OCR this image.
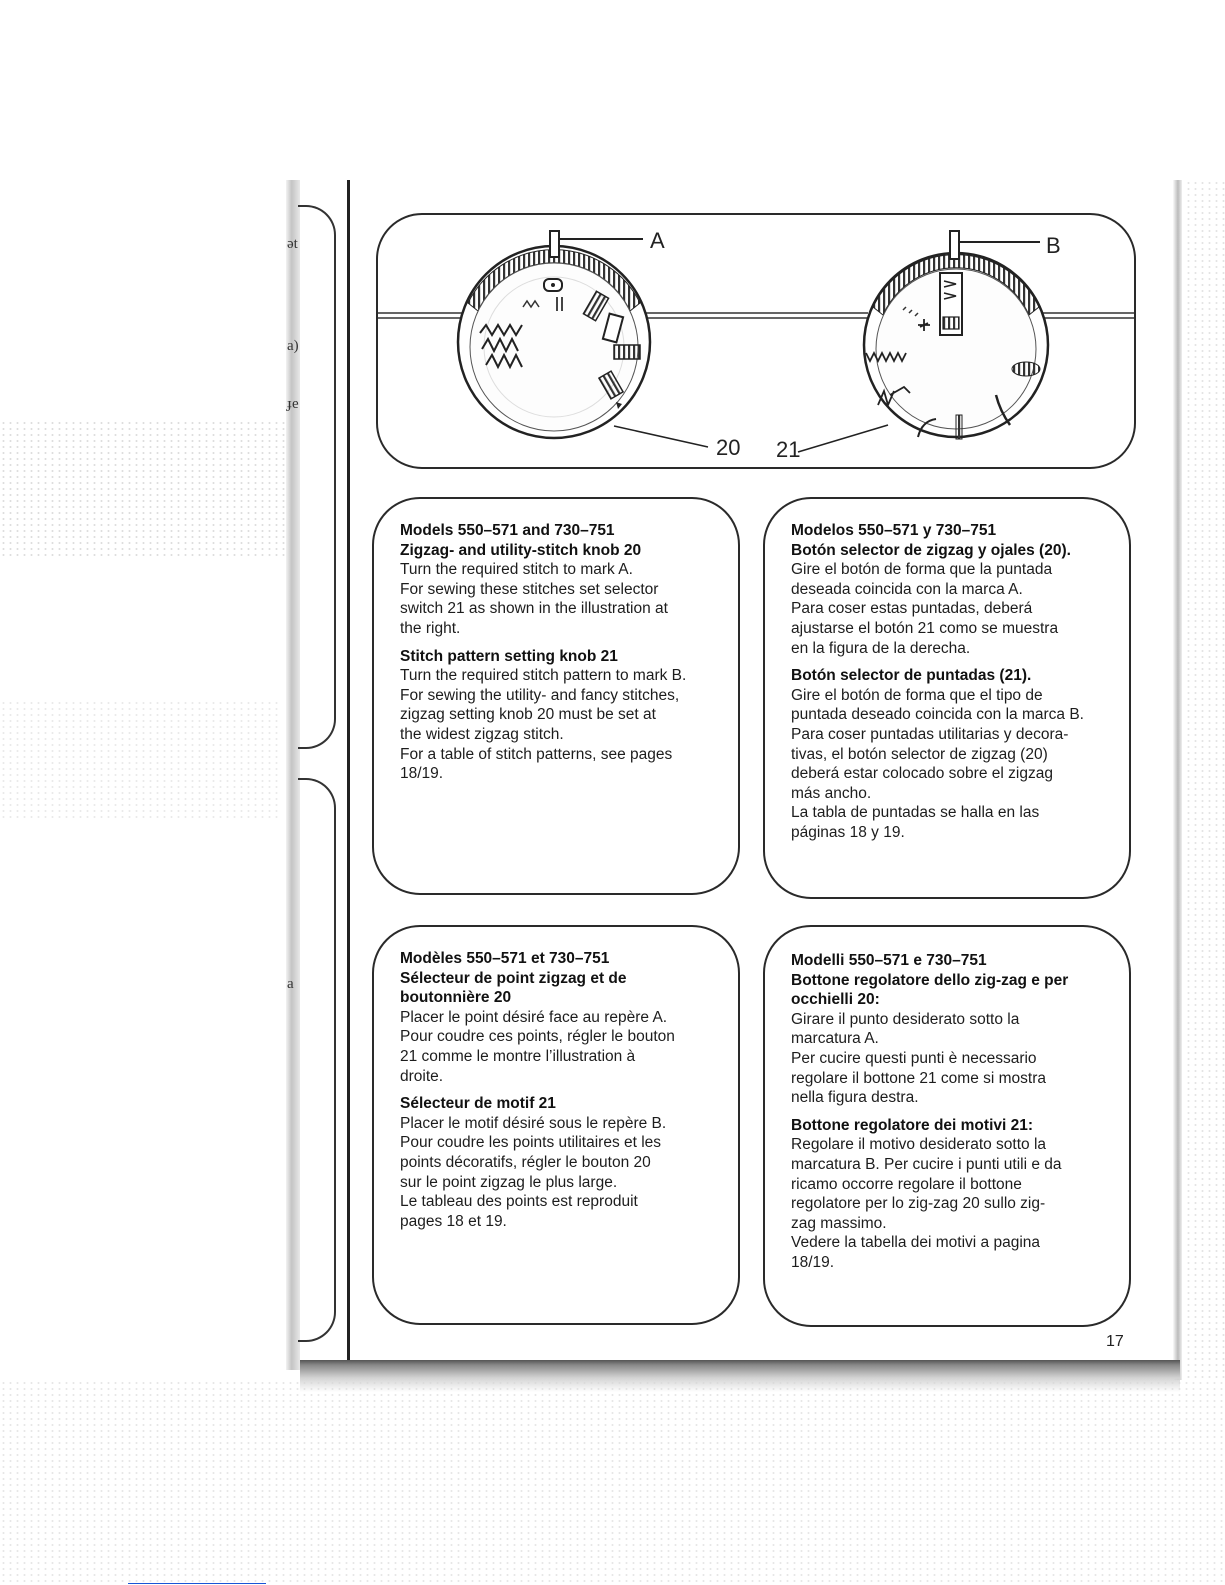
ət
a)
ɟe
a
A
20
B
21
zigzag and utility-stitch knob	stitch pattern setting knob
Models 550–571 and 730–751
Zigzag- and utility-stitch knob 20
Turn the required stitch to mark A.
For sewing these stitches set selector
switch 21 as shown in the illustration at
the right.
Stitch pattern setting knob 21
Turn the required stitch pattern to mark B.
For sewing the utility- and fancy stitches,
zigzag setting knob 20 must be set at
the widest zigzag stitch.
For a table of stitch patterns, see pages
18/19.
Modelos 550–571 y 730–751
Botón selector de zigzag y ojales (20).
Gire el botón de forma que la puntada
deseada coincida con la marca A.
Para coser estas puntadas, deberá
ajustarse el botón 21 como se muestra
en la figura de la derecha.
Botón selector de puntadas (21).
Gire el botón de forma que el tipo de
puntada deseado coincida con la marca B.
Para coser puntadas utilitarias y decora-
tivas, el botón selector de zigzag (20)
deberá estar colocado sobre el zigzag
más ancho.
La tabla de puntadas se halla en las
páginas 18 y 19.
Modèles 550–571 et 730–751
Sélecteur de point zigzag et de
boutonnière 20
Placer le point désiré face au repère A.
Pour coudre ces points, régler le bouton
21 comme le montre l’illustration à
droite.
Sélecteur de motif 21
Placer le motif désiré sous le repère B.
Pour coudre les points utilitaires et les
points décoratifs, régler le bouton 20
sur le point zigzag le plus large.
Le tableau des points est reproduit
pages 18 et 19.
Modelli 550–571 e 730–751
Bottone regolatore dello zig-zag e per
occhielli 20:
Girare il punto desiderato sotto la
marcatura A.
Per cucire questi punti è necessario
regolare il bottone 21 come si mostra
nella figura destra.
Bottone regolatore dei motivi 21:
Regolare il motivo desiderato sotto la
marcatura B. Per cucire i punti utili e da
ricamo occorre regolare il bottone
regolatore per lo zig-zag 20 sullo zig-
zag massimo.
Vedere la tabella dei motivi a pagina
18/19.
17
